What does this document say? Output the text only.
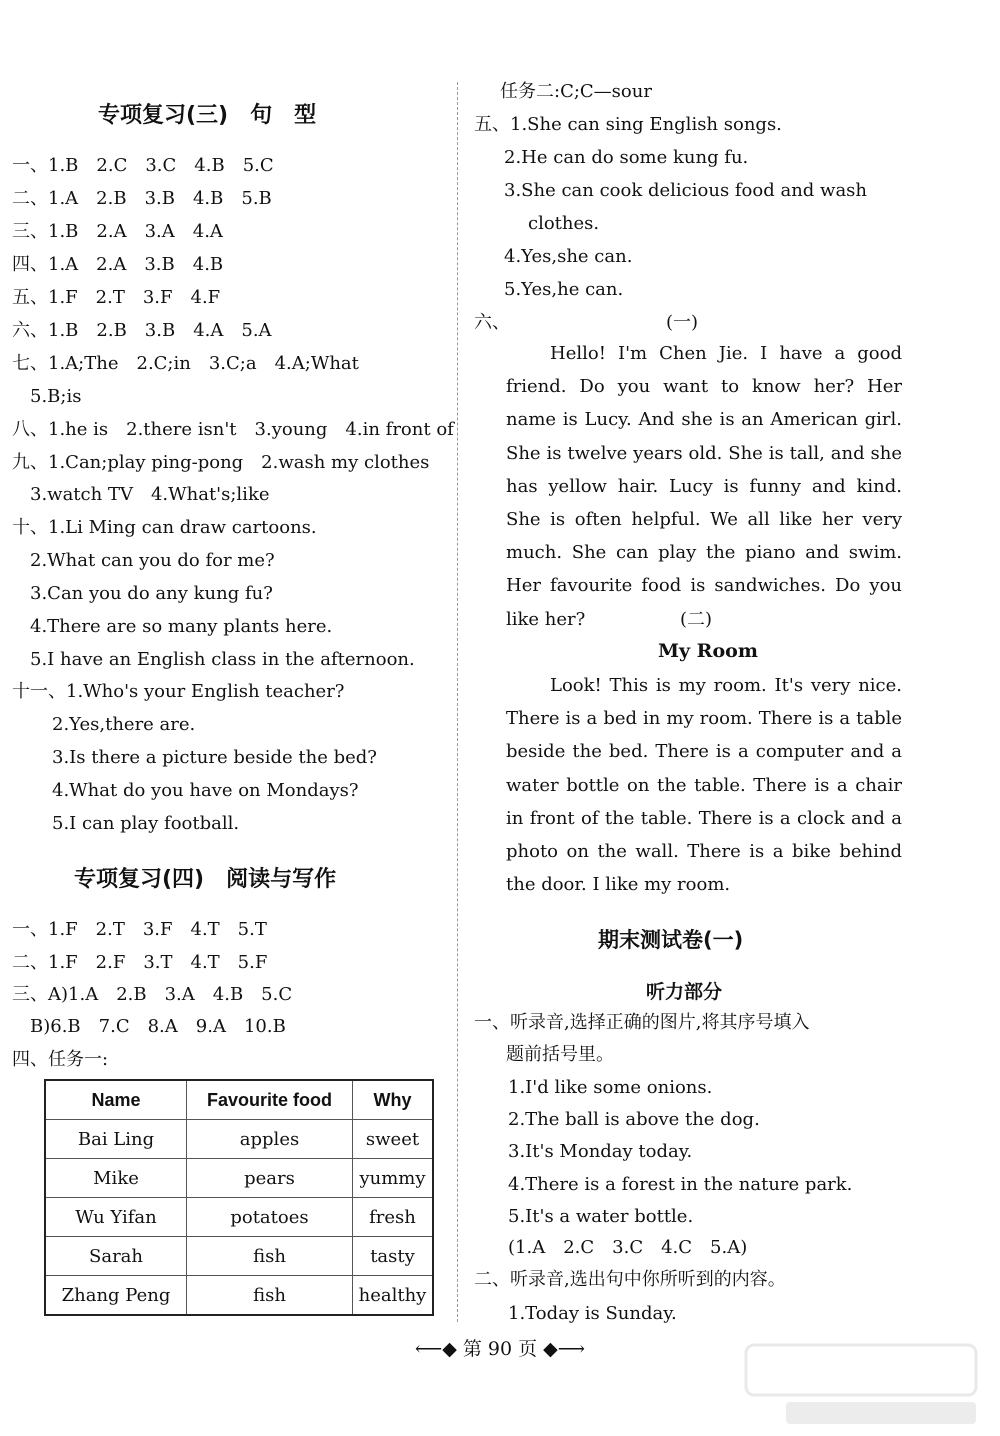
专项复习(三)　句　型
一、1.B　2.C　3.C　4.B　5.C
二、1.A　2.B　3.B　4.B　5.B
三、1.B　2.A　3.A　4.A
四、1.A　2.A　3.B　4.B
五、1.F　2.T　3.F　4.F
六、1.B　2.B　3.B　4.A　5.A
七、1.A;The　2.C;in　3.C;a　4.A;What
　5.B;is
八、1.he is　2.there isn't　3.young　4.in front of
九、1.Can;play ping-pong　2.wash my clothes
　3.watch TV　4.What's;like
十、1.Li Ming can draw cartoons.
　2.What can you do for me?
　3.Can you do any kung fu?
　4.There are so many plants here.
　5.I have an English class in the afternoon.
十一、1.Who's your English teacher?
　2.Yes,there are.
　3.Is there a picture beside the bed?
　4.What do you have on Mondays?
　5.I can play football.
专项复习(四)　阅读与写作
一、1.F　2.T　3.F　4.T　5.T
二、1.F　2.F　3.T　4.T　5.F
三、A)1.A　2.B　3.A　4.B　5.C
　B)6.B　7.C　8.A　9.A　10.B
四、任务一:
Name	Favourite food	Why
Bai Ling	apples	sweet
Mike	pears	yummy
Wu Yifan	potatoes	fresh
Sarah	fish	tasty
Zhang Peng	fish	healthy
任务二:C;C—sour
五、1.She can sing English songs.
2.He can do some kung fu.
3.She can cook delicious food and wash
clothes.
4.Yes,she can.
5.Yes,he can.
六、	(一)
Hello! I'm Chen Jie. I have a good friend. Do you want to know her? Her name is Lucy. And she is an American girl. She is twelve years old. She is tall, and she has yellow hair. Lucy is funny and kind. She is often helpful. We all like her very much. She can play the piano and swim. Her favourite food is sandwiches. Do you like her?	(二)
My Room
Look! This is my room. It's very nice. There is a bed in my room. There is a table beside the bed. There is a computer and a water bottle on the table. There is a chair in front of the table. There is a clock and a photo on the wall. There is a bike behind the door. I like my room.
期末测试卷(一)
听力部分
一、听录音,选择正确的图片,将其序号填入
题前括号里。
1.I'd like some onions.
2.The ball is above the dog.
3.It's Monday today.
4.There is a forest in the nature park.
5.It's a water bottle.
(1.A　2.C　3.C　4.C　5.A)
二、听录音,选出句中你所听到的内容。
1.Today is Sunday.
⟵◆ 第 90 页 ◆⟶
